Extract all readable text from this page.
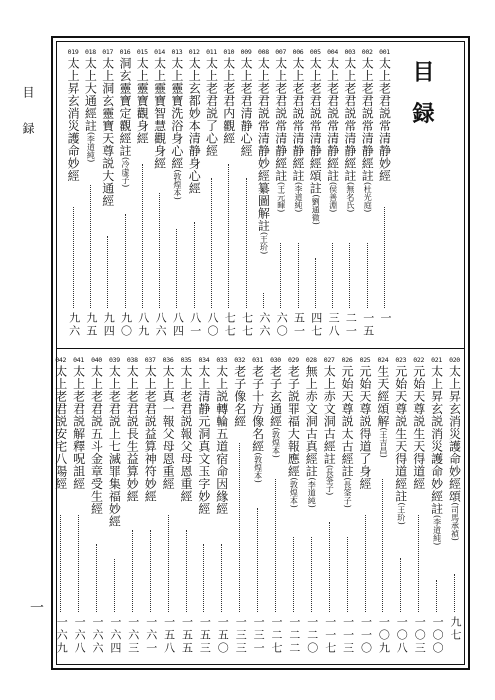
目 録
一
目 録
001
太上老君説常清静妙經
一
002
太上老君説常清静經註(杜光庭)
一五
003
太上老君説常清静經註(無名氏)
二一
004
太上老君説常清静經註(侯善淵)
三八
005
太上老君説常清静經頌註(劉通微)
四七
006
太上老君説常清静經註(李道純)
五一
007
太上老君説常清静經註(王元暉)
六〇
008
太上老君説常清静妙經纂圖解註(王玠)
六六
009
太上老君清静心經
七七
010
太上老君内觀經
七七
011
太上老君説了心經
八〇
012
太上玄都妙本清静身心經
八一
013
太上靈寶洗浴身心經(敦煌本)
八四
014
太上靈寶智慧觀身經
八六
015
太上靈寶觀身經
八九
016
洞玄靈寶定觀經註(冷虚子)
九〇
017
太上洞玄靈寶天尊説大通經
九四
018
太上大通經註(李道純)
九五
019
太上昇玄消災護命妙經
九六
020
太上昇玄消災護命妙經頌(司馬承禎)
九七
021
太上昇玄説消災護命妙經註(李道純)
一〇〇
022
元始天尊説生天得道經
一〇三
023
元始天尊説生天得道經註(王玠)
一〇八
024
生天經頌解(王吉昌)
一〇九
025
元始天尊説得道了身經
一一〇
026
元始天尊説太古經註(長筌子)
一一三
027
太上赤文洞古經註(長筌子)
一一七
028
無上赤文洞古真經註(李道純)
一二〇
029
老子説罪福大報應經(敦煌本)
一二二
030
老子玄通經(敦煌本)
一二七
031
老子十方像名經(敦煌本)
一三一
032
老子像名經
一三三
033
太上説轉輪五道宿命因緣經
一五〇
034
太上清静元洞真文玉字妙經
一五三
035
太上老君説報父母恩重經
一五五
036
太上真一報父母恩重經
一五八
037
太上老君説益算神符妙經
一六一
038
太上老君説長生益算妙經
一六三
039
太上老君説上七滅罪集福妙經
一六四
040
太上老君説五斗金章受生經
一六六
041
太上老君説解釋呪詛經
一六八
042
太上老君説安宅八陽經
一六九
